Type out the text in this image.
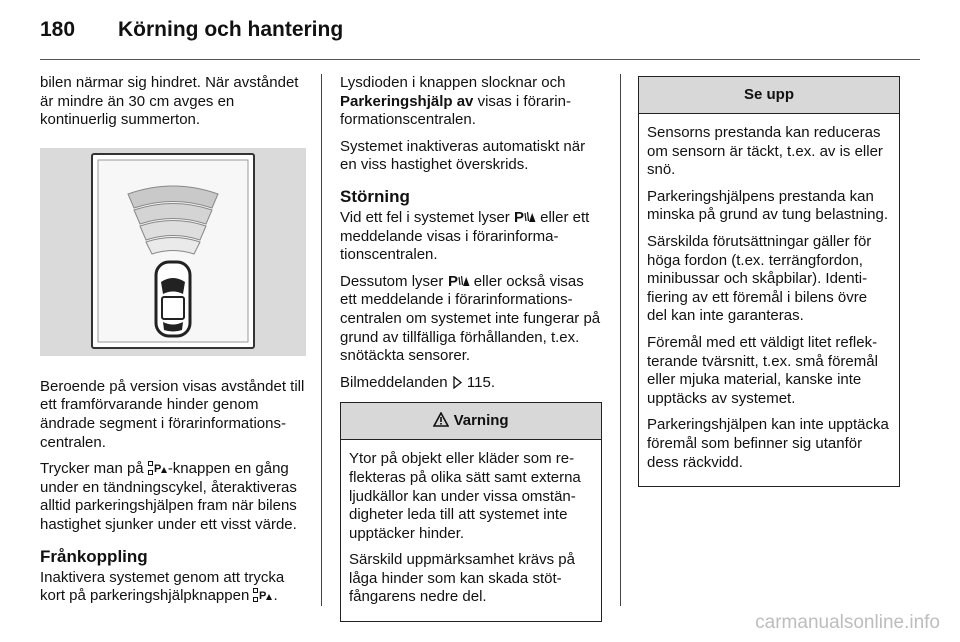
180	Körning och hantering

bilen närmar sig hindret. När avståndet är mindre än 30 cm avges en kontinuerlig summerton.

Beroende på version visas avståndet till ett framförvarande hinder genom ändrade segment i förarinformationscentralen.

Trycker man på P -knappen en gång under en tändningscykel, återaktiveras alltid parkeringshjälpen fram när bilens hastighet sjunker under ett visst värde.

Frånkoppling

Inaktivera systemet genom att trycka kort på parkeringshjälpknappen P .

Lysdioden i knappen slocknar och Parkeringshjälp av visas i förarinformationscentralen.

Systemet inaktiveras automatiskt när en viss hastighet överskrids.

Störning

Vid ett fel i systemet lyser P eller ett meddelande visas i förarinformationscentralen.

Dessutom lyser P eller också visas ett meddelande i förarinformationscentralen om systemet inte fungerar på grund av tillfälliga förhållanden, t.ex. snötäckta sensorer.

Bilmeddelanden  115.

Varning

Ytor på objekt eller kläder som reflekteras på olika sätt samt externa ljudkällor kan under vissa omständigheter leda till att systemet inte upptäcker hinder.

Särskild uppmärksamhet krävs på låga hinder som kan skada stötfångarens nedre del.

Se upp

Sensorns prestanda kan reduceras om sensorn är täckt, t.ex. av is eller snö.

Parkeringshjälpens prestanda kan minska på grund av tung belastning.

Särskilda förutsättningar gäller för höga fordon (t.ex. terrängfordon, minibussar och skåpbilar). Identifiering av ett föremål i bilens övre del kan inte garanteras.

Föremål med ett väldigt litet reflekterande tvärsnitt, t.ex. små föremål eller mjuka material, kanske inte upptäcks av systemet.

Parkeringshjälpen kan inte upptäcka föremål som befinner sig utanför dess räckvidd.

carmanualsonline.info
